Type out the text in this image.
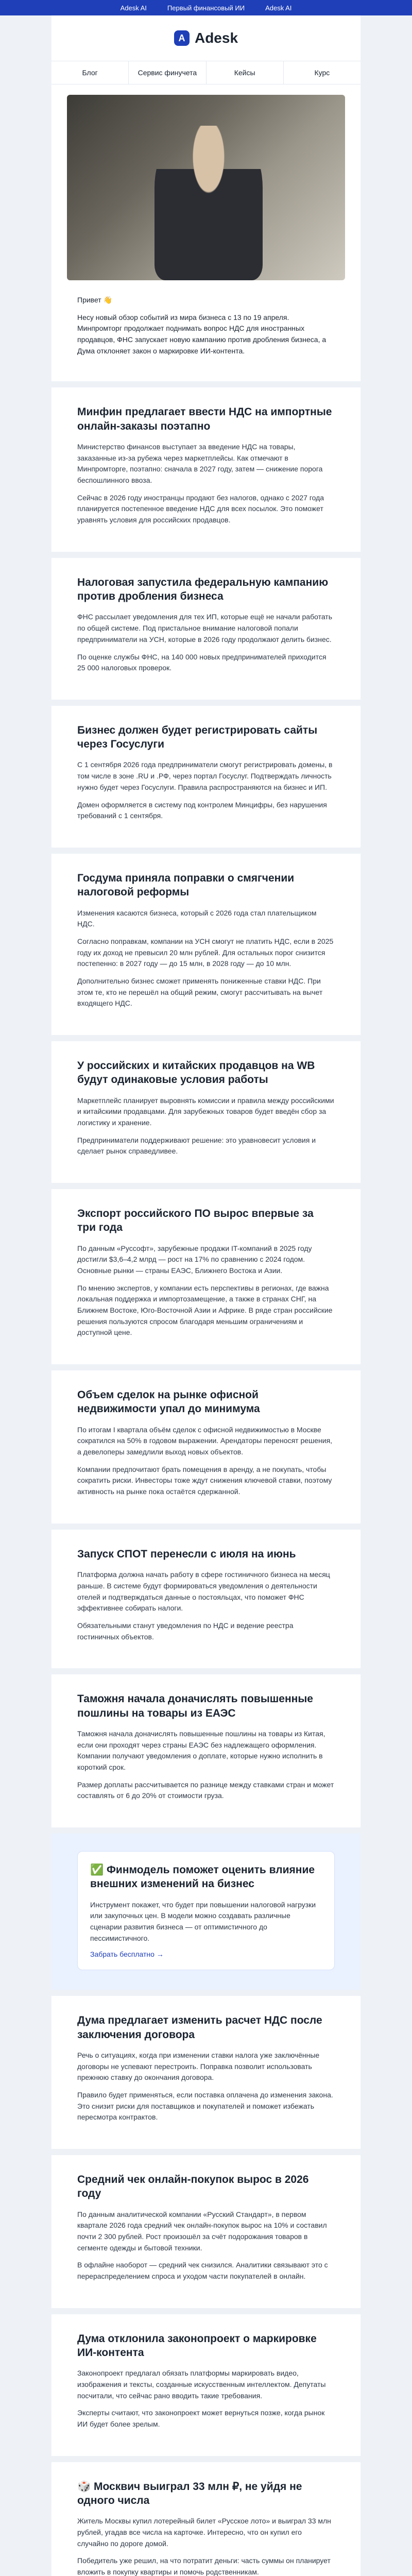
Adesk AI	Первый финансовый ИИ	Adesk AI
A Adesk
Блог	Сервис финучета	Кейсы	Курс

Привет 👋

Несу новый обзор событий из мира бизнеса с 13 по 19 апреля. Минпромторг продолжает поднимать вопрос НДС для иностранных продавцов, ФНС запускает новую кампанию против дробления бизнеса, а Дума отклоняет закон о маркировке ИИ-контента.

Минфин предлагает ввести НДС на импортные онлайн-заказы поэтапно

Министерство финансов выступает за введение НДС на товары, заказанные из-за рубежа через маркетплейсы. Как отмечают в Минпромторге, поэтапно: сначала в 2027 году, затем — снижение порога беспошлинного ввоза.

Сейчас в 2026 году иностранцы продают без налогов, однако с 2027 года планируется постепенное введение НДС для всех посылок. Это поможет уравнять условия для российских продавцов.

Налоговая запустила федеральную кампанию против дробления бизнеса

ФНС рассылает уведомления для тех ИП, которые ещё не начали работать по общей системе. Под пристальное внимание налоговой попали предприниматели на УСН, которые в 2026 году продолжают делить бизнес.

По оценке службы ФНС, на 140 000 новых предпринимателей приходится 25 000 налоговых проверок.

Бизнес должен будет регистрировать сайты через Госуслуги

С 1 сентября 2026 года предприниматели смогут регистрировать домены, в том числе в зоне .RU и .РФ, через портал Госуслуг. Подтверждать личность нужно будет через Госуслуги. Правила распространяются на бизнес и ИП.

Домен оформляется в систему под контролем Минцифры, без нарушения требований с 1 сентября.

Госдума приняла поправки о смягчении налоговой реформы

Изменения касаются бизнеса, который с 2026 года стал плательщиком НДС.

Согласно поправкам, компании на УСН смогут не платить НДС, если в 2025 году их доход не превысил 20 млн рублей. Для остальных порог снизится постепенно: в 2027 году — до 15 млн, в 2028 году — до 10 млн.

Дополнительно бизнес сможет применять пониженные ставки НДС. При этом те, кто не перешёл на общий режим, смогут рассчитывать на вычет входящего НДС.

У российских и китайских продавцов на WB будут одинаковые условия работы

Маркетплейс планирует выровнять комиссии и правила между российскими и китайскими продавцами. Для зарубежных товаров будет введён сбор за логистику и хранение.

Предприниматели поддерживают решение: это уравновесит условия и сделает рынок справедливее.

Экспорт российского ПО вырос впервые за три года

По данным «Руссофт», зарубежные продажи IT-компаний в 2025 году достигли $3,6–4,2 млрд — рост на 17% по сравнению с 2024 годом. Основные рынки — страны ЕАЭС, Ближнего Востока и Азии.

По мнению экспертов, у компании есть перспективы в регионах, где важна локальная поддержка и импортозамещение, а также в странах СНГ, на Ближнем Востоке, Юго-Восточной Азии и Африке. В ряде стран российские решения пользуются спросом благодаря меньшим ограничениям и доступной цене.

Объем сделок на рынке офисной недвижимости упал до минимума

По итогам I квартала объём сделок с офисной недвижимостью в Москве сократился на 50% в годовом выражении. Арендаторы переносят решения, а девелоперы замедлили выход новых объектов.

Компании предпочитают брать помещения в аренду, а не покупать, чтобы сократить риски. Инвесторы тоже ждут снижения ключевой ставки, поэтому активность на рынке пока остаётся сдержанной.

Запуск СПОТ перенесли с июля на июнь

Платформа должна начать работу в сфере гостиничного бизнеса на месяц раньше. В системе будут формироваться уведомления о деятельности отелей и подтверждаться данные о постояльцах, что поможет ФНС эффективнее собирать налоги.

Обязательными станут уведомления по НДС и ведение реестра гостиничных объектов.

Таможня начала доначислять повышенные пошлины на товары из ЕАЭС

Таможня начала доначислять повышенные пошлины на товары из Китая, если они проходят через страны ЕАЭС без надлежащего оформления. Компании получают уведомления о доплате, которые нужно исполнить в короткий срок.

Размер доплаты рассчитывается по разнице между ставками стран и может составлять от 6 до 20% от стоимости груза.

✅ Финмодель поможет оценить влияние внешних изменений на бизнес

Инструмент покажет, что будет при повышении налоговой нагрузки или закупочных цен. В модели можно создавать различные сценарии развития бизнеса — от оптимистичного до пессимистичного.

Забрать бесплатно →
Дума предлагает изменить расчет НДС после заключения договора

Речь о ситуациях, когда при изменении ставки налога уже заключённые договоры не успевают перестроить. Поправка позволит использовать прежнюю ставку до окончания договора.

Правило будет применяться, если поставка оплачена до изменения закона. Это снизит риски для поставщиков и покупателей и поможет избежать пересмотра контрактов.

Средний чек онлайн-покупок вырос в 2026 году

По данным аналитической компании «Русский Стандарт», в первом квартале 2026 года средний чек онлайн-покупок вырос на 10% и составил почти 2 300 рублей. Рост произошёл за счёт подорожания товаров в сегменте одежды и бытовой техники.

В офлайне наоборот — средний чек снизился. Аналитики связывают это с перераспределением спроса и уходом части покупателей в онлайн.

Дума отклонила законопроект о маркировке ИИ-контента

Законопроект предлагал обязать платформы маркировать видео, изображения и тексты, созданные искусственным интеллектом. Депутаты посчитали, что сейчас рано вводить такие требования.

Эксперты считают, что законопроект может вернуться позже, когда рынок ИИ будет более зрелым.

🎲 Москвич выиграл 33 млн ₽, не уйдя не одного числа

Житель Москвы купил лотерейный билет «Русское лото» и выиграл 33 млн рублей, угадав все числа на карточке. Интересно, что он купил его случайно по дороге домой.

Победитель уже решил, на что потратит деньги: часть суммы он планирует вложить в покупку квартиры и помочь родственникам.
